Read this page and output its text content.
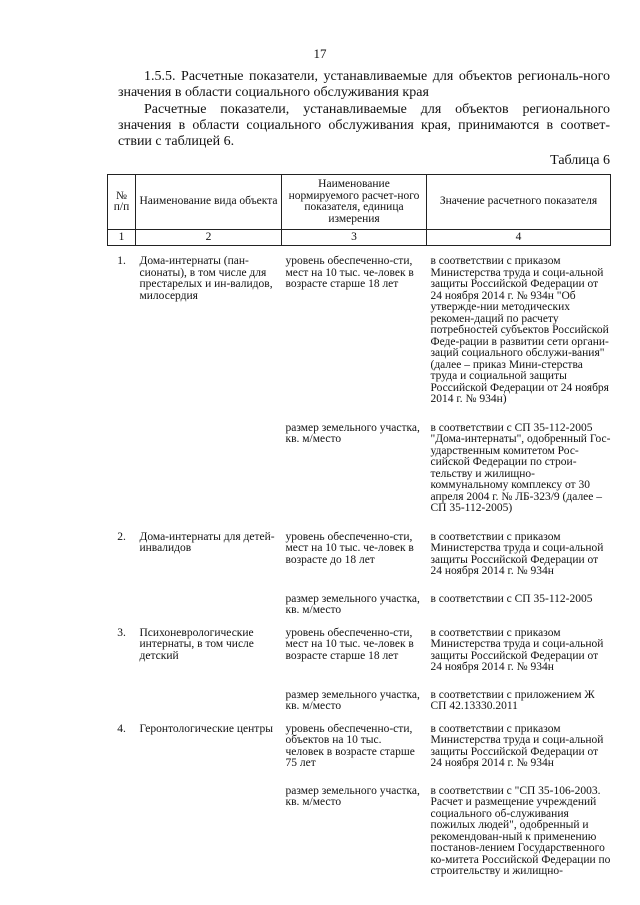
17

1.5.5. Расчетные показатели, устанавливаемые для объектов региональ-ного значения в области социального обслуживания края

Расчетные показатели, устанавливаемые для объектов регионального значения в области социального обслуживания края, принимаются в соответ-ствии с таблицей 6.

Таблица 6
№ п/п	Наименование вида объекта	Наименование нормируемого расчет-ного показателя, единица измерения	Значение расчетного показателя
1	2	3	4
1.	Дома-интернаты (пан-сионаты), в том числе для престарелых и ин-валидов, милосердия	уровень обеспеченно-сти, мест на 10 тыс. че-ловек в возрасте старше 18 лет	в соответствии с приказом Министерства труда и соци-альной защиты Российской Федерации от 24 ноября 2014 г. № 934н "Об утвержде-нии методических рекомен-даций по расчету потребностей субъектов Российской Феде-рации в развитии сети органи-заций социального обслужи-вания" (далее – приказ Мини-стерства труда и социальной защиты Российской Федерации от 24 ноября 2014 г. № 934н)
		размер земельного участка, кв. м/место	в соответствии с СП 35-112-2005 "Дома-интернаты", одобренный Гос-ударственным комитетом Рос-сийской Федерации по строи-тельству и жилищно-коммунальному комплексу от 30 апреля 2004 г. № ЛБ-323/9 (далее – СП 35-112-2005)
2.	Дома-интернаты для детей-инвалидов	уровень обеспеченно-сти, мест на 10 тыс. че-ловек в возрасте до 18 лет	в соответствии с приказом Министерства труда и соци-альной защиты Российской Федерации от 24 ноября 2014 г. № 934н
		размер земельного участка, кв. м/место	в соответствии с СП 35-112-2005
3.	Психоневрологические интернаты, в том числе детский	уровень обеспеченно-сти, мест на 10 тыс. че-ловек в возрасте старше 18 лет	в соответствии с приказом Министерства труда и соци-альной защиты Российской Федерации от 24 ноября 2014 г. № 934н
		размер земельного участка, кв. м/место	в соответствии с приложением Ж СП 42.13330.2011
4.	Геронтологические центры	уровень обеспеченно-сти, объектов на 10 тыс. человек в возрасте старше 75 лет	в соответствии с приказом Министерства труда и соци-альной защиты Российской Федерации от 24 ноября 2014 г. № 934н
		размер земельного участка, кв. м/место	в соответствии с "СП 35-106-2003. Расчет и размещение учреждений социального об-служивания пожилых людей", одобренный и рекомендован-ный к применению постанов-лением Государственного ко-митета Российской Федерации по строительству и жилищно-
